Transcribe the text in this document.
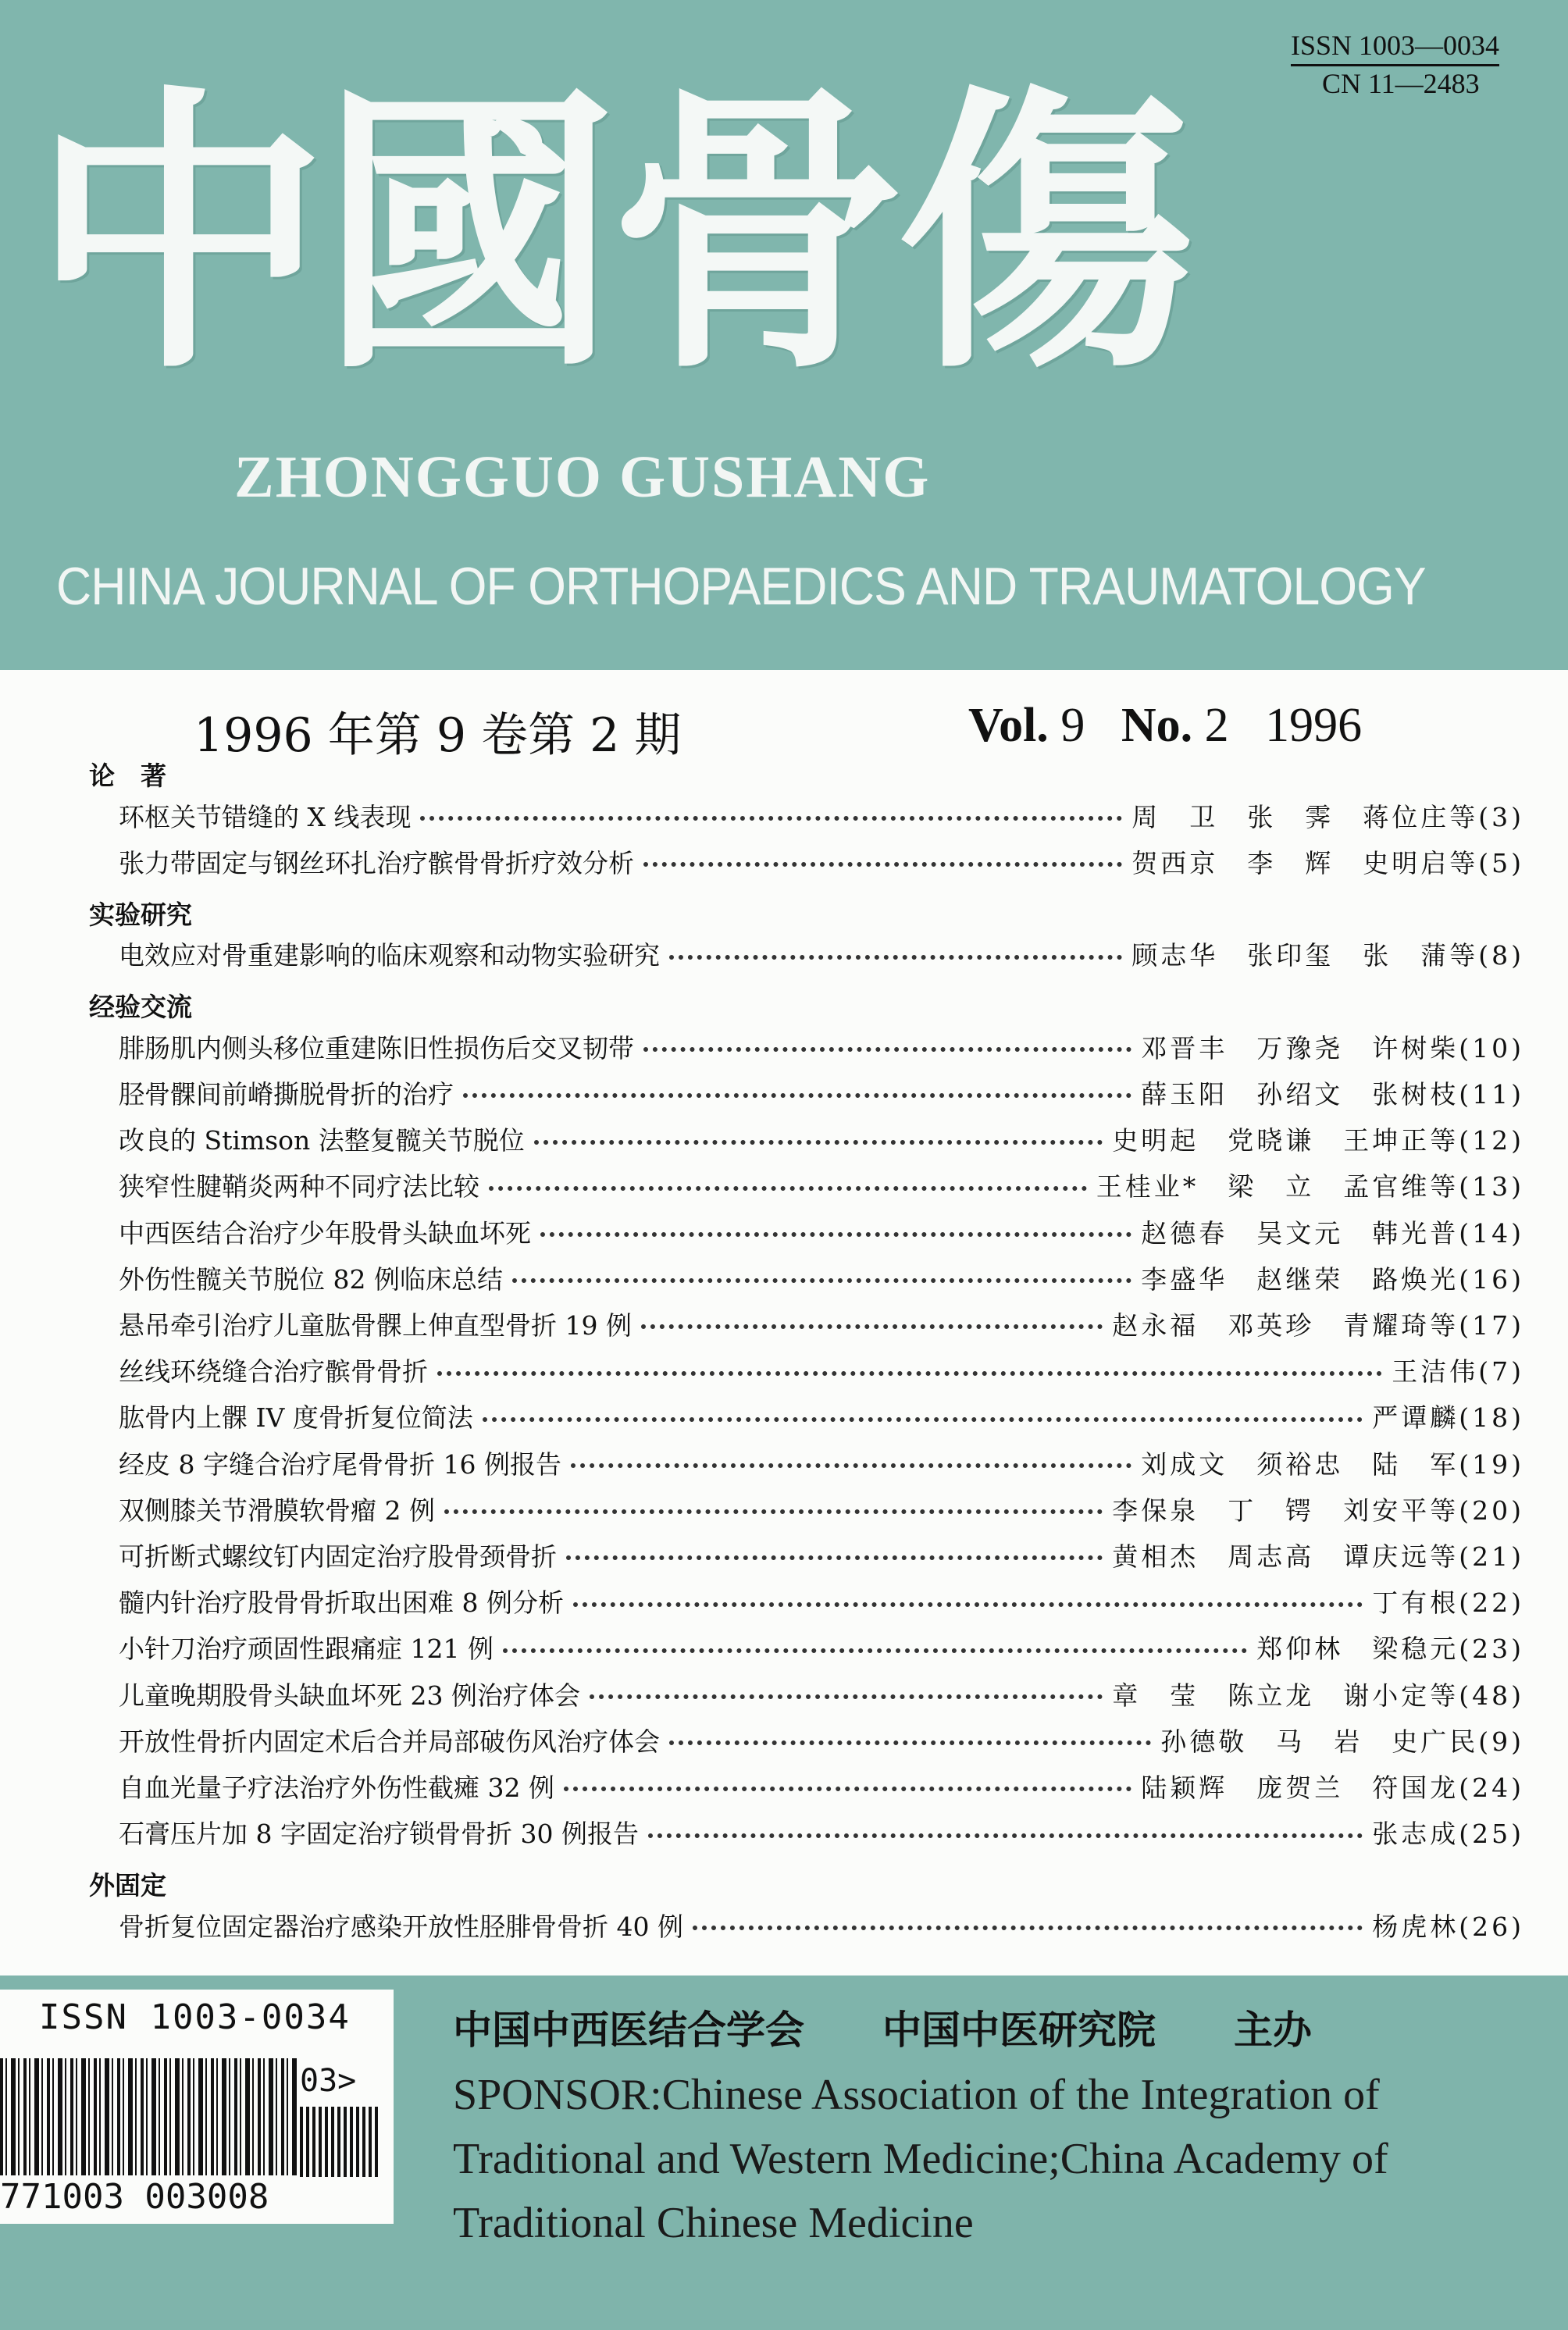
中國骨傷
ISSN 1003—0034
CN 11—2483
ZHONGGUO GUSHANG
CHINA JOURNAL OF ORTHOPAEDICS AND TRAUMATOLOGY
1996 年第 9 卷第 2 期	Vol. 9 No. 2 1996
论　著
环枢关节错缝的 X 线表现	周　卫　张　霁　蒋位庄等(3)
张力带固定与钢丝环扎治疗髌骨骨折疗效分析	贺西京　李　辉　史明启等(5)
实验研究
电效应对骨重建影响的临床观察和动物实验研究	顾志华　张印玺　张　蒲等(8)
经验交流
腓肠肌内侧头移位重建陈旧性损伤后交叉韧带	邓晋丰　万豫尧　许树柴(10)
胫骨髁间前嵴撕脱骨折的治疗	薛玉阳　孙绍文　张树枝(11)
改良的 Stimson 法整复髋关节脱位	史明起　党晓谦　王坤正等(12)
狭窄性腱鞘炎两种不同疗法比较	王桂业*　梁　立　孟官维等(13)
中西医结合治疗少年股骨头缺血坏死	赵德春　吴文元　韩光普(14)
外伤性髋关节脱位 82 例临床总结	李盛华　赵继荣　路焕光(16)
悬吊牵引治疗儿童肱骨髁上伸直型骨折 19 例	赵永福　邓英珍　青耀琦等(17)
丝线环绕缝合治疗髌骨骨折	王洁伟(7)
肱骨内上髁 IV 度骨折复位简法	严谭麟(18)
经皮 8 字缝合治疗尾骨骨折 16 例报告	刘成文　须裕忠　陆　军(19)
双侧膝关节滑膜软骨瘤 2 例	李保泉　丁　锷　刘安平等(20)
可折断式螺纹钉内固定治疗股骨颈骨折	黄相杰　周志高　谭庆远等(21)
髓内针治疗股骨骨折取出困难 8 例分析	丁有根(22)
小针刀治疗顽固性跟痛症 121 例	郑仰林　梁稳元(23)
儿童晚期股骨头缺血坏死 23 例治疗体会	章　莹　陈立龙　谢小定等(48)
开放性骨折内固定术后合并局部破伤风治疗体会	孙德敬　马　岩　史广民(9)
自血光量子疗法治疗外伤性截瘫 32 例	陆颖辉　庞贺兰　符国龙(24)
石膏压片加 8 字固定治疗锁骨骨折 30 例报告	张志成(25)
外固定
骨折复位固定器治疗感染开放性胫腓骨骨折 40 例	杨虎林(26)
ISSN 1003-0034
03>
771003 003008
中国中西医结合学会　　中国中医研究院　　主办
SPONSOR:Chinese Association of the Integration of Traditional and Western Medicine;China Academy of Traditional Chinese Medicine
